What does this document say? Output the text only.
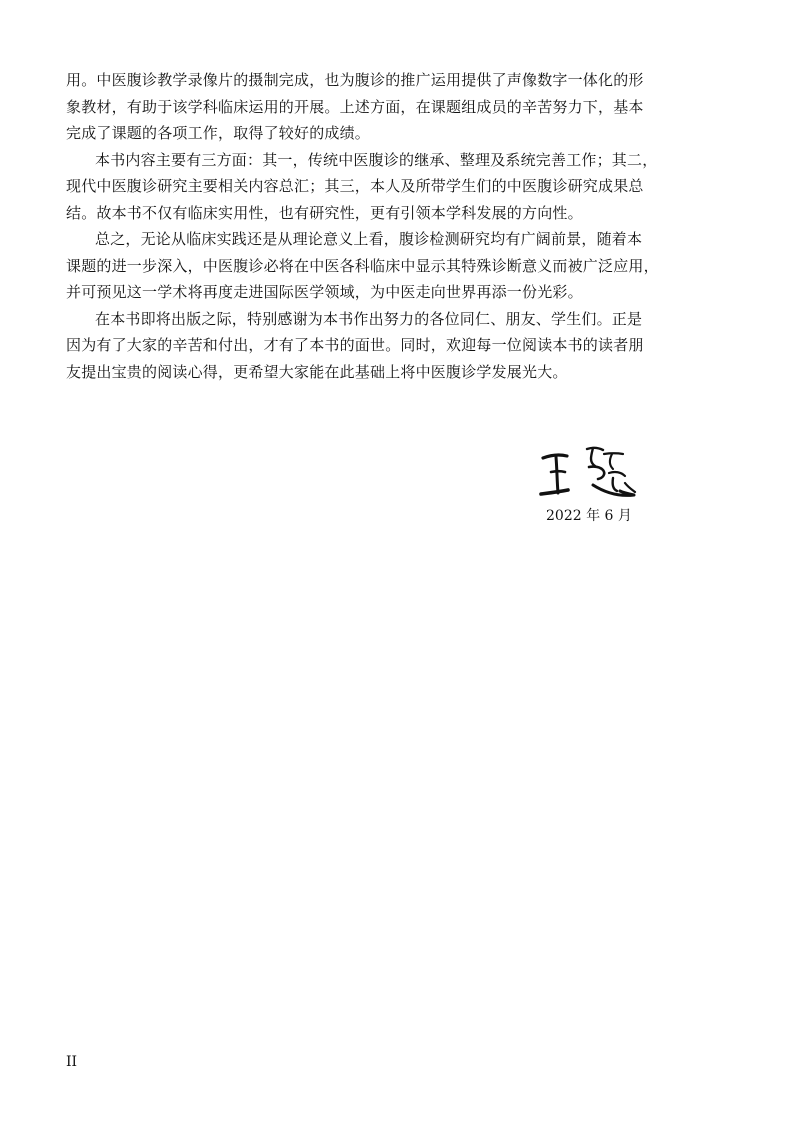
用。中医腹诊教学录像片的摄制完成，也为腹诊的推广运用提供了声像数字一体化的形
象教材，有助于该学科临床运用的开展。上述方面，在课题组成员的辛苦努力下，基本
完成了课题的各项工作，取得了较好的成绩。
本书内容主要有三方面：其一，传统中医腹诊的继承、整理及系统完善工作；其二，
现代中医腹诊研究主要相关内容总汇；其三，本人及所带学生们的中医腹诊研究成果总
结。故本书不仅有临床实用性，也有研究性，更有引领本学科发展的方向性。
总之，无论从临床实践还是从理论意义上看，腹诊检测研究均有广阔前景，随着本
课题的进一步深入，中医腹诊必将在中医各科临床中显示其特殊诊断意义而被广泛应用，
并可预见这一学术将再度走进国际医学领域，为中医走向世界再添一份光彩。
在本书即将出版之际，特别感谢为本书作出努力的各位同仁、朋友、学生们。正是
因为有了大家的辛苦和付出，才有了本书的面世。同时，欢迎每一位阅读本书的读者朋
友提出宝贵的阅读心得，更希望大家能在此基础上将中医腹诊学发展光大。
2022 年 6 月
II
